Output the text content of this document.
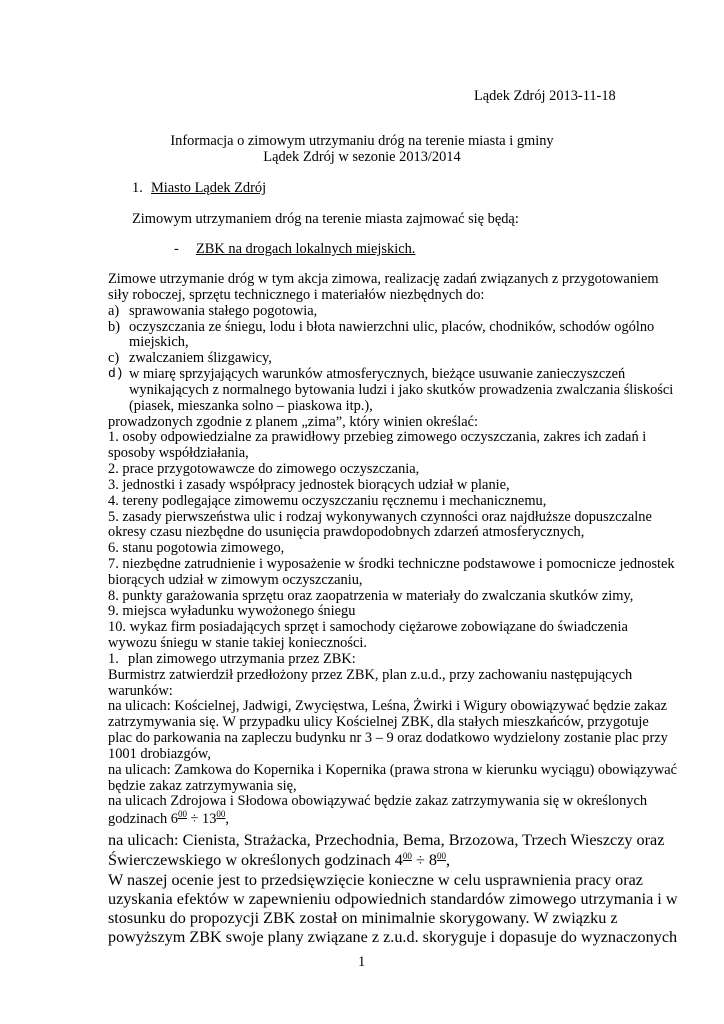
Lądek Zdrój 2013-11-18
Informacja o zimowym utrzymaniu dróg na terenie miasta i gminy
Lądek Zdrój w sezonie 2013/2014
1. Miasto Lądek Zdrój
Zimowym utrzymaniem dróg na terenie miasta zajmować się będą:
- ZBK na drogach lokalnych miejskich.
Zimowe utrzymanie dróg w tym akcja zimowa, realizację zadań związanych z przygotowaniem
siły roboczej, sprzętu technicznego i materiałów niezbędnych do:
a) sprawowania stałego pogotowia,
b) oczyszczania ze śniegu, lodu i błota nawierzchni ulic, placów, chodników, schodów ogólno
miejskich,
c) zwalczaniem ślizgawicy,
d) w miarę sprzyjających warunków atmosferycznych, bieżące usuwanie zanieczyszczeń
wynikających z normalnego bytowania ludzi i jako skutków prowadzenia zwalczania śliskości
(piasek, mieszanka solno – piaskowa itp.),
prowadzonych zgodnie z planem „zima”, który winien określać:
1. osoby odpowiedzialne za prawidłowy przebieg zimowego oczyszczania, zakres ich zadań i
sposoby współdziałania,
2. prace przygotowawcze do zimowego oczyszczania,
3. jednostki i zasady współpracy jednostek biorących udział w planie,
4. tereny podlegające zimowemu oczyszczaniu ręcznemu i mechanicznemu,
5. zasady pierwszeństwa ulic i rodzaj wykonywanych czynności oraz najdłuższe dopuszczalne
okresy czasu niezbędne do usunięcia prawdopodobnych zdarzeń atmosferycznych,
6. stanu pogotowia zimowego,
7. niezbędne zatrudnienie i wyposażenie w środki techniczne podstawowe i pomocnicze jednostek
biorących udział w zimowym oczyszczaniu,
8. punkty garażowania sprzętu oraz zaopatrzenia w materiały do zwalczania skutków zimy,
9. miejsca wyładunku wywożonego śniegu
10. wykaz firm posiadających sprzęt i samochody ciężarowe zobowiązane do świadczenia
wywozu śniegu w stanie takiej konieczności.
1. plan zimowego utrzymania przez ZBK:
Burmistrz zatwierdził przedłożony przez ZBK, plan z.u.d., przy zachowaniu następujących
warunków:
na ulicach: Kościelnej, Jadwigi, Zwycięstwa, Leśna, Żwirki i Wigury obowiązywać będzie zakaz
zatrzymywania się. W przypadku ulicy Kościelnej ZBK, dla stałych mieszkańców, przygotuje
plac do parkowania na zapleczu budynku nr 3 – 9 oraz dodatkowo wydzielony zostanie plac przy
1001 drobiazgów,
na ulicach: Zamkowa do Kopernika i Kopernika (prawa strona w kierunku wyciągu) obowiązywać
będzie zakaz zatrzymywania się,
na ulicach Zdrojowa i Słodowa obowiązywać będzie zakaz zatrzymywania się w określonych
godzinach $6^{00} \div 13^{00}$,
na ulicach: Cienista, Strażacka, Przechodnia, Bema, Brzozowa, Trzech Wieszczy oraz
Świerczewskiego w określonych godzinach $4^{00} \div 8^{00}$,
W naszej ocenie jest to przedsięwzięcie konieczne w celu usprawnienia pracy oraz
uzyskania efektów w zapewnieniu odpowiednich standardów zimowego utrzymania i w
stosunku do propozycji ZBK został on minimalnie skorygowany. W związku z
powyższym ZBK swoje plany związane z z.u.d. skoryguje i dopasuje do wyznaczonych
1
